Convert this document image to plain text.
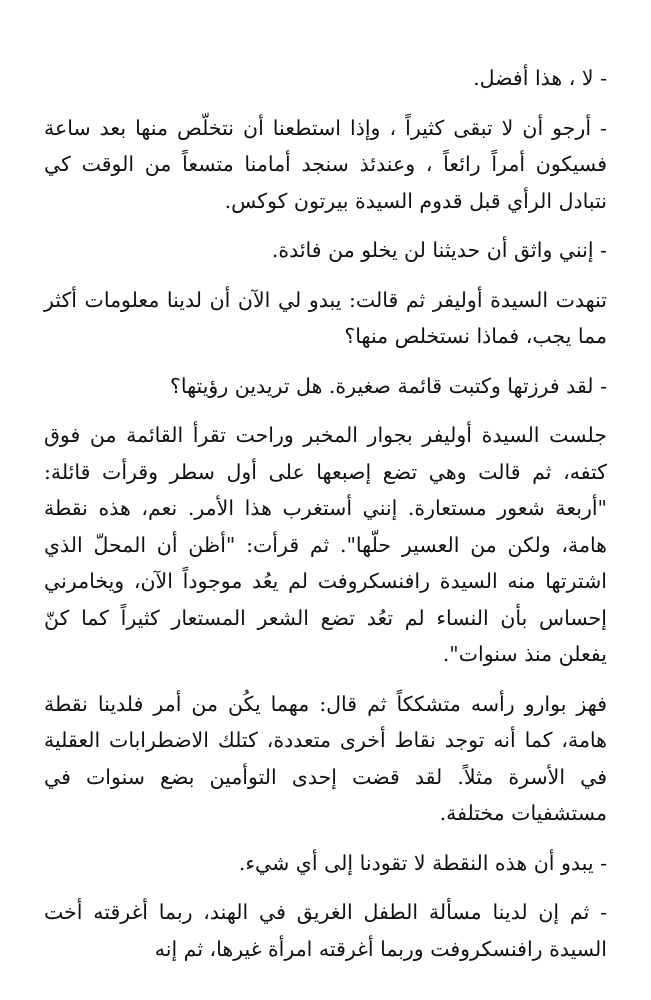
- لا ، هذا أفضل.

- أرجو أن لا تبقى كثيراً ، وإذا استطعنا أن نتخلّص منها بعد ساعة فسيكون أمراً رائعاً ، وعندئذ سنجد أمامنا متسعاً من الوقت كي نتبادل الرأي قبل قدوم السيدة بيرتون كوكس.

- إنني واثق أن حديثنا لن يخلو من فائدة.

تنهدت السيدة أوليفر ثم قالت: يبدو لي الآن أن لدينا معلومات أكثر مما يجب، فماذا نستخلص منها؟

- لقد فرزتها وكتبت قائمة صغيرة. هل تريدين رؤيتها؟

جلست السيدة أوليفر بجوار المخبر وراحت تقرأ القائمة من فوق كتفه، ثم قالت وهي تضع إصبعها على أول سطر وقرأت قائلة: "أربعة شعور مستعارة. إنني أستغرب هذا الأمر. نعم، هذه نقطة هامة، ولكن من العسير حلّها". ثم قرأت: "أظن أن المحلّ الذي اشترتها منه السيدة رافنسكروفت لم يعُد موجوداً الآن، ويخامرني إحساس بأن النساء لم تعُد تضع الشعر المستعار كثيراً كما كنّ يفعلن منذ سنوات".

فهز بوارو رأسه متشككاً ثم قال: مهما يكُن من أمر فلدينا نقطة هامة، كما أنه توجد نقاط أخرى متعددة، كتلك الاضطرابات العقلية في الأسرة مثلاً. لقد قضت إحدى التوأمين بضع سنوات في مستشفيات مختلفة.

- يبدو أن هذه النقطة لا تقودنا إلى أي شيء.

- ثم إن لدينا مسألة الطفل الغريق في الهند، ربما أغرقته أخت السيدة رافنسكروفت وربما أغرقته امرأة غيرها، ثم إنه
